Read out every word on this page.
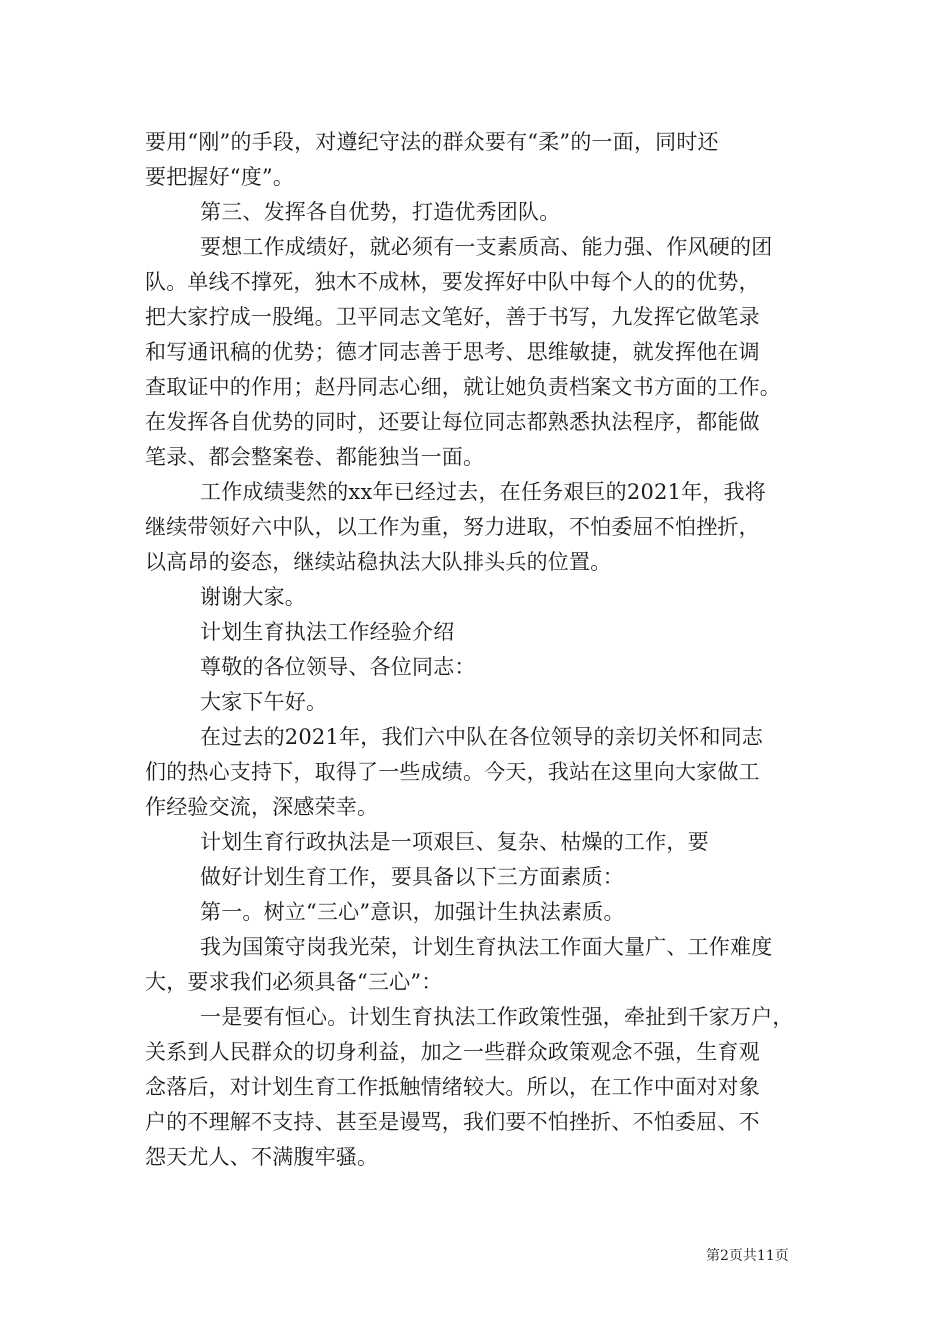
要用“刚”的手段，对遵纪守法的群众要有“柔”的一面，同时还
要把握好“度”。
第三、发挥各自优势，打造优秀团队。
要想工作成绩好，就必须有一支素质高、能力强、作风硬的团
队。单线不撑死，独木不成林，要发挥好中队中每个人的的优势，
把大家拧成一股绳。卫平同志文笔好，善于书写，九发挥它做笔录
和写通讯稿的优势；德才同志善于思考、思维敏捷，就发挥他在调
查取证中的作用；赵丹同志心细，就让她负责档案文书方面的工作。
在发挥各自优势的同时，还要让每位同志都熟悉执法程序，都能做
笔录、都会整案卷、都能独当一面。
工作成绩斐然的xx年已经过去，在任务艰巨的2021年，我将
继续带领好六中队，以工作为重，努力进取，不怕委屈不怕挫折，
以高昂的姿态，继续站稳执法大队排头兵的位置。
谢谢大家。
计划生育执法工作经验介绍
尊敬的各位领导、各位同志：
大家下午好。
在过去的2021年，我们六中队在各位领导的亲切关怀和同志
们的热心支持下，取得了一些成绩。今天，我站在这里向大家做工
作经验交流，深感荣幸。
计划生育行政执法是一项艰巨、复杂、枯燥的工作，要
做好计划生育工作，要具备以下三方面素质：
第一。树立“三心”意识，加强计生执法素质。
我为国策守岗我光荣，计划生育执法工作面大量广、工作难度
大，要求我们必须具备“三心”：
一是要有恒心。计划生育执法工作政策性强，牵扯到千家万户，
关系到人民群众的切身利益，加之一些群众政策观念不强，生育观
念落后，对计划生育工作抵触情绪较大。所以，在工作中面对对象
户的不理解不支持、甚至是谩骂，我们要不怕挫折、不怕委屈、不
怨天尤人、不满腹牢骚。
第2页共11页
